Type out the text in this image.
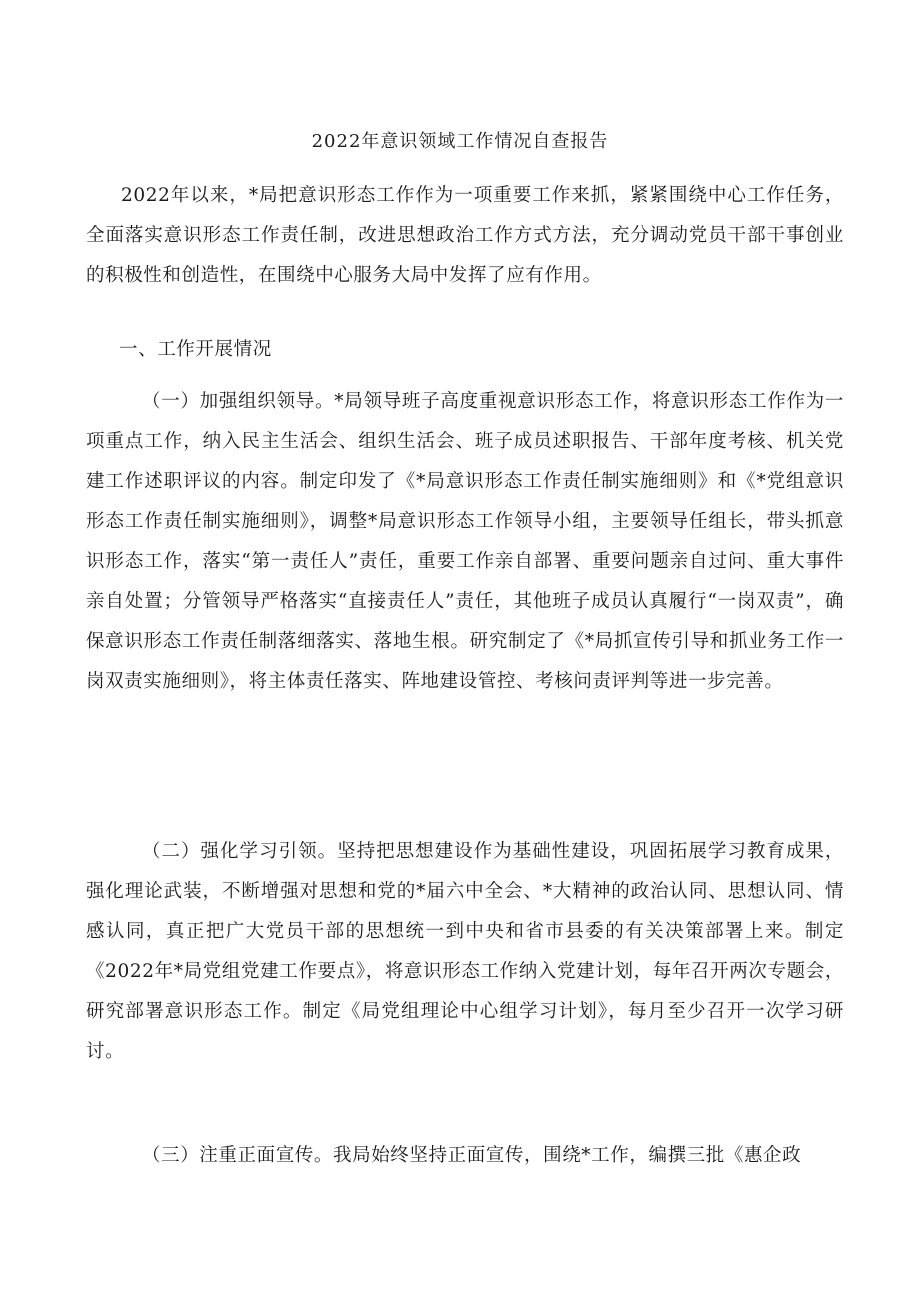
2022年意识领域工作情况自查报告

2022年以来，*局把意识形态工作作为一项重要工作来抓，紧紧围绕中心工作任务，全面落实意识形态工作责任制，改进思想政治工作方式方法，充分调动党员干部干事创业的积极性和创造性，在围绕中心服务大局中发挥了应有作用。

一、工作开展情况

（一）加强组织领导。*局领导班子高度重视意识形态工作，将意识形态工作作为一项重点工作，纳入民主生活会、组织生活会、班子成员述职报告、干部年度考核、机关党建工作述职评议的内容。制定印发了《*局意识形态工作责任制实施细则》和《*党组意识形态工作责任制实施细则》，调整*局意识形态工作领导小组，主要领导任组长，带头抓意识形态工作，落实“第一责任人”责任，重要工作亲自部署、重要问题亲自过问、重大事件亲自处置；分管领导严格落实“直接责任人”责任，其他班子成员认真履行“一岗双责”，确保意识形态工作责任制落细落实、落地生根。研究制定了《*局抓宣传引导和抓业务工作一岗双责实施细则》，将主体责任落实、阵地建设管控、考核问责评判等进一步完善。

（二）强化学习引领。坚持把思想建设作为基础性建设，巩固拓展学习教育成果，强化理论武装，不断增强对思想和党的*届六中全会、*大精神的政治认同、思想认同、情感认同，真正把广大党员干部的思想统一到中央和省市县委的有关决策部署上来。制定《2022年*局党组党建工作要点》，将意识形态工作纳入党建计划，每年召开两次专题会，研究部署意识形态工作。制定《局党组理论中心组学习计划》，每月至少召开一次学习研讨。

（三）注重正面宣传。我局始终坚持正面宣传，围绕*工作，编撰三批《惠企政
